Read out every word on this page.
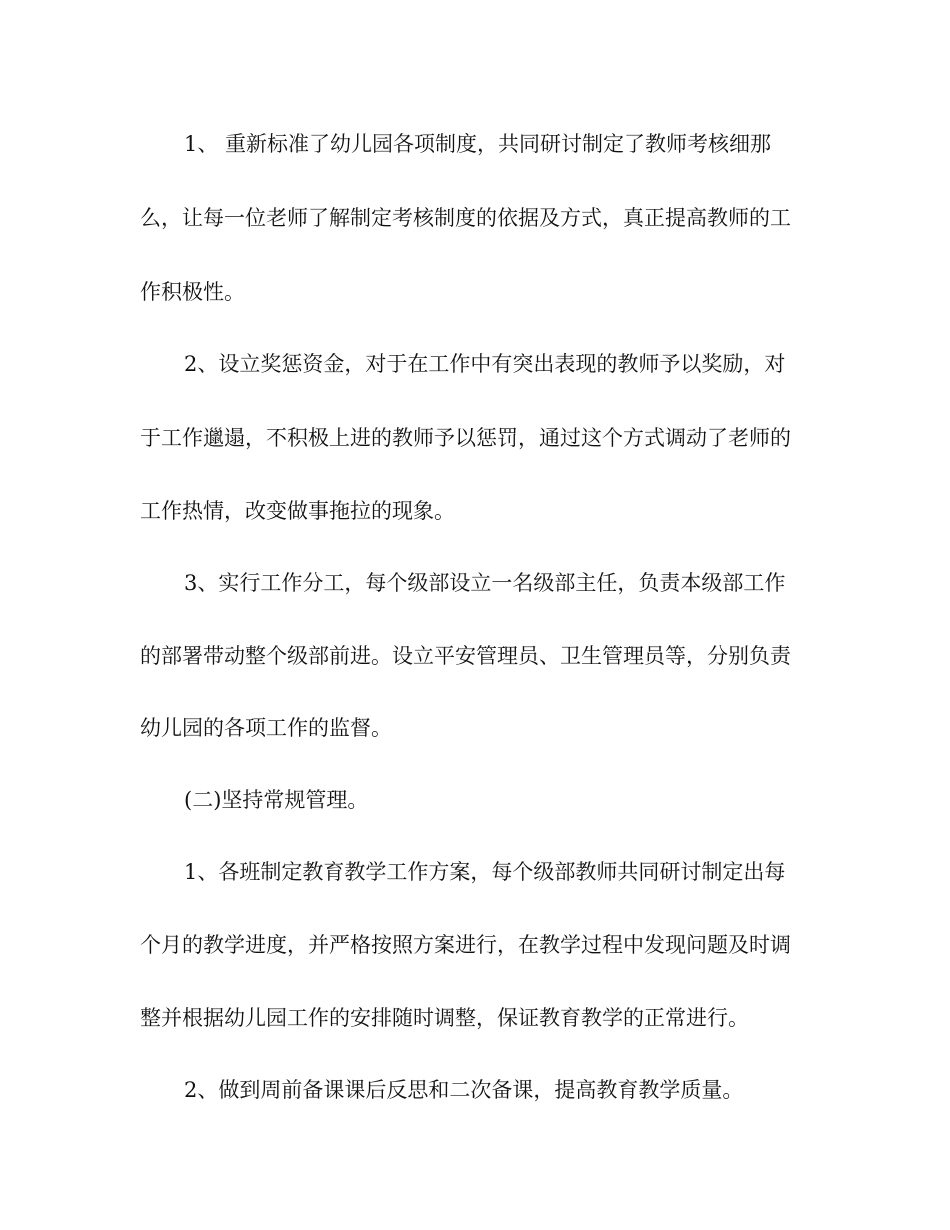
1、 重新标准了幼儿园各项制度，共同研讨制定了教师考核细那
么，让每一位老师了解制定考核制度的依据及方式，真正提高教师的工
作积极性。
2、设立奖惩资金，对于在工作中有突出表现的教师予以奖励，对
于工作邋遢，不积极上进的教师予以惩罚，通过这个方式调动了老师的
工作热情，改变做事拖拉的现象。
3、实行工作分工，每个级部设立一名级部主任，负责本级部工作
的部署带动整个级部前进。设立平安管理员、卫生管理员等，分别负责
幼儿园的各项工作的监督。
(二)坚持常规管理。
1、各班制定教育教学工作方案，每个级部教师共同研讨制定出每
个月的教学进度，并严格按照方案进行，在教学过程中发现问题及时调
整并根据幼儿园工作的安排随时调整，保证教育教学的正常进行。
2、做到周前备课课后反思和二次备课，提高教育教学质量。
